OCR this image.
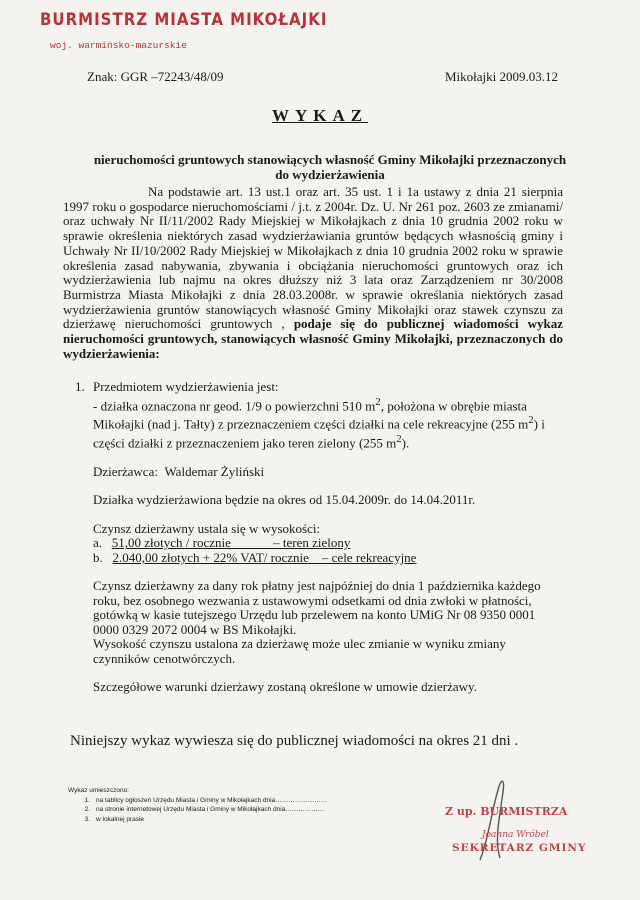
BURMISTRZ MIASTA MIKOŁAJKI
woj. warmińsko-mazurskie
Znak: GGR –72243/48/09	Mikołajki 2009.03.12
WYKAZ
nieruchomości gruntowych stanowiących własność Gminy Mikołajki przeznaczonych
do wydzierżawienia

Na podstawie art. 13 ust.1 oraz art. 35 ust. 1 i 1a ustawy z dnia 21 sierpnia 1997 roku o gospodarce nieruchomościami / j.t. z 2004r. Dz. U. Nr 261 poz. 2603 ze zmianami/ oraz uchwały Nr II/11/2002 Rady Miejskiej w Mikołajkach z dnia 10 grudnia 2002 roku w sprawie określenia niektórych zasad wydzierżawiania gruntów będących własnością gminy i Uchwały Nr II/10/2002 Rady Miejskiej w Mikołajkach z dnia 10 grudnia 2002 roku w sprawie określenia zasad nabywania, zbywania i obciążania nieruchomości gruntowych oraz ich wydzierżawienia lub najmu na okres dłuższy niż 3 lata oraz Zarządzeniem nr 30/2008 Burmistrza Miasta Mikołajki z dnia 28.03.2008r. w sprawie określania niektórych zasad wydzierżawienia gruntów stanowiących własność Gminy Mikołajki oraz stawek czynszu za dzierżawę nieruchomości gruntowych , podaje się do publicznej wiadomości wykaz nieruchomości gruntowych, stanowiących własność Gminy Mikołajki, przeznaczonych do wydzierżawienia:

1. Przedmiotem wydzierżawienia jest:

- działka oznaczona nr geod. 1/9 o powierzchni 510 $m^2$, położona w obrębie miasta Mikołajki (nad j. Tałty) z przeznaczeniem części działki na cele rekreacyjne (255 $m^2$) i części działki z przeznaczeniem jako teren zielony (255 $m^2$).

Dzierżawca: Waldemar Żyliński

Działka wydzierżawiona będzie na okres od 15.04.2009r. do 14.04.2011r.

Czynsz dzierżawny ustala się w wysokości:

a. 51,00 złotych / rocznie             – teren zielony

b. 2.040,00 złotych + 22% VAT/ rocznie    – cele rekreacyjne

Czynsz dzierżawny za dany rok płatny jest najpóźniej do dnia 1 października każdego roku, bez osobnego wezwania z ustawowymi odsetkami od dnia zwłoki w płatności, gotówką w kasie tutejszego Urzędu lub przelewem na konto UMiG Nr 08 9350 0001 0000 0329 2072 0004 w BS Mikołajki.

Wysokość czynszu ustalona za dzierżawę może ulec zmianie w wyniku zmiany czynników cenotwórczych.

Szczegółowe warunki dzierżawy zostaną określone w umowie dzierżawy.

Niniejszy wykaz wywiesza się do publicznej wiadomości na okres 21 dni .
Wykaz umieszczono:
1. na tablicy ogłoszeń Urzędu Miasta i Gminy w Mikołajkach dnia……………………
2. na stronie internetowej Urzędu Miasta i Gminy w Mikołajkach dnia………………
3. w lokalnej prasie
Z up. BURMISTRZA
Joanna Wróbel
SEKRETARZ GMINY
